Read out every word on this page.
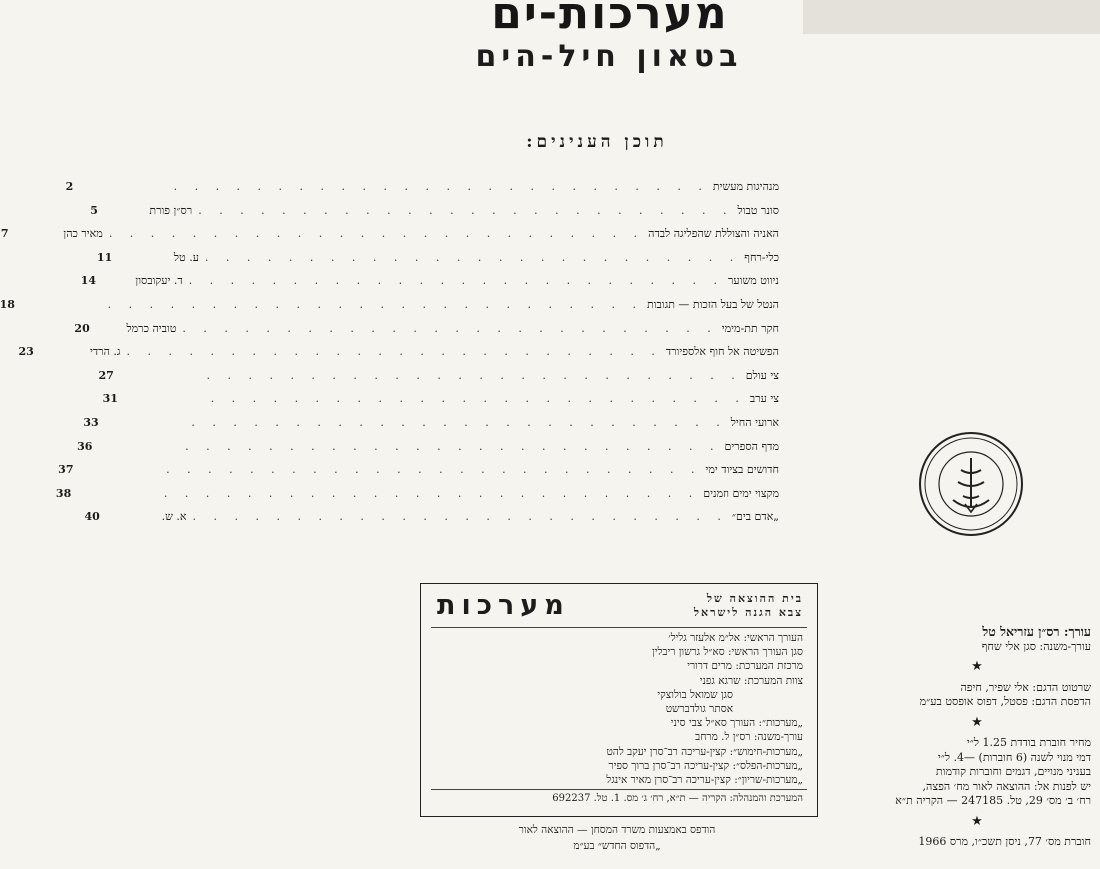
מערכות-ים
בטאון חיל-הים
תוכן הענינים:
מנהיגות מעשית
. . . . . . . . . . . . . . . . . . . . . . . . . .
2
סונר טבול
. . . . . . . . . . . . . . . . . . . . . . . . . .
רס״ן פורת
5
האניה והצוללת שהפליגה לבדה
. . . . . . . . . . . . . . . . . . . . . . . . . .
מאיר כהן
7
כלי-רחף
. . . . . . . . . . . . . . . . . . . . . . . . . .
ע. טל
11
ניווט משוער
. . . . . . . . . . . . . . . . . . . . . . . . . .
ד. יעקובסון
14
הנטל של בעל הזכות — תגובות
. . . . . . . . . . . . . . . . . . . . . . . . . .
18
חקר תת-מימי
. . . . . . . . . . . . . . . . . . . . . . . . . .
טוביה כרמל
20
הפשיטה אל חוף אלספיורד
. . . . . . . . . . . . . . . . . . . . . . . . . .
ג. הרדי
23
צי עולם
. . . . . . . . . . . . . . . . . . . . . . . . . .
27
צי ערב
. . . . . . . . . . . . . . . . . . . . . . . . . .
31
ארועי החיל
. . . . . . . . . . . . . . . . . . . . . . . . . .
33
מדף הספרים
. . . . . . . . . . . . . . . . . . . . . . . . . .
36
חדושים בציוד ימי
. . . . . . . . . . . . . . . . . . . . . . . . . .
37
מקצוי ימים וזמנים
. . . . . . . . . . . . . . . . . . . . . . . . . .
38
„אדם בים״
. . . . . . . . . . . . . . . . . . . . . . . . . .
א. ש.
40
מערכות	בית ההוצאה של
צבא הגנה לישראל
העורך הראשי: אל״מ אלעזר גליל׳
סגן העורך הראשי: סא״ל גרשון ריבלין
מרכזת המערכת: מרים דרורי
צוות המערכת: שרגא גפני
סגן שמואל בולוצקי
אסתר גולדברשט
„מערכות״: העורך סא״ל צבי סיני
עורך-משנה: רס״ן ל. מרחב
„מערכות-חימוש״: קצין-עריכה רב־סרן יעקב להט
„מערכות-הפלס״: קצין-עריכה רב־סרן ברוך ספיר
„מערכות-שריון״: קצין-עריכה רב־סרן מאיר אינגל
המערכת והמנהלה: הקריה — ת״א, רח׳ ג׳ מס. 1. טל. 692237
הודפס באמצעות משרד המסחן — ההוצאה לאור
„הדפוס החדש״ בע״מ
עורך: רס״ן עזריאל טל
עורך-משנה: סגן אלי שחף
★
שרטוט הדגם: אלי שפיר, חיפה
הדפסת הדגם: פסטל, דפוס אופסט בע״מ
★
מחיר חוברת בודדת 1.25 ל״י
דמי מנוי לשנה (6 חוברות) —4. ל״י
בעניני מנויים, דגמים וחוברות קודמות
יש לפנות אל: ההוצאה לאור מח׳ הפצה,
רח׳ ב׳ מס׳ 29, טל. 247185 — הקריה ת״א
★
חוברת מס׳ 77, ניסן תשכ״ו, מרס 1966
